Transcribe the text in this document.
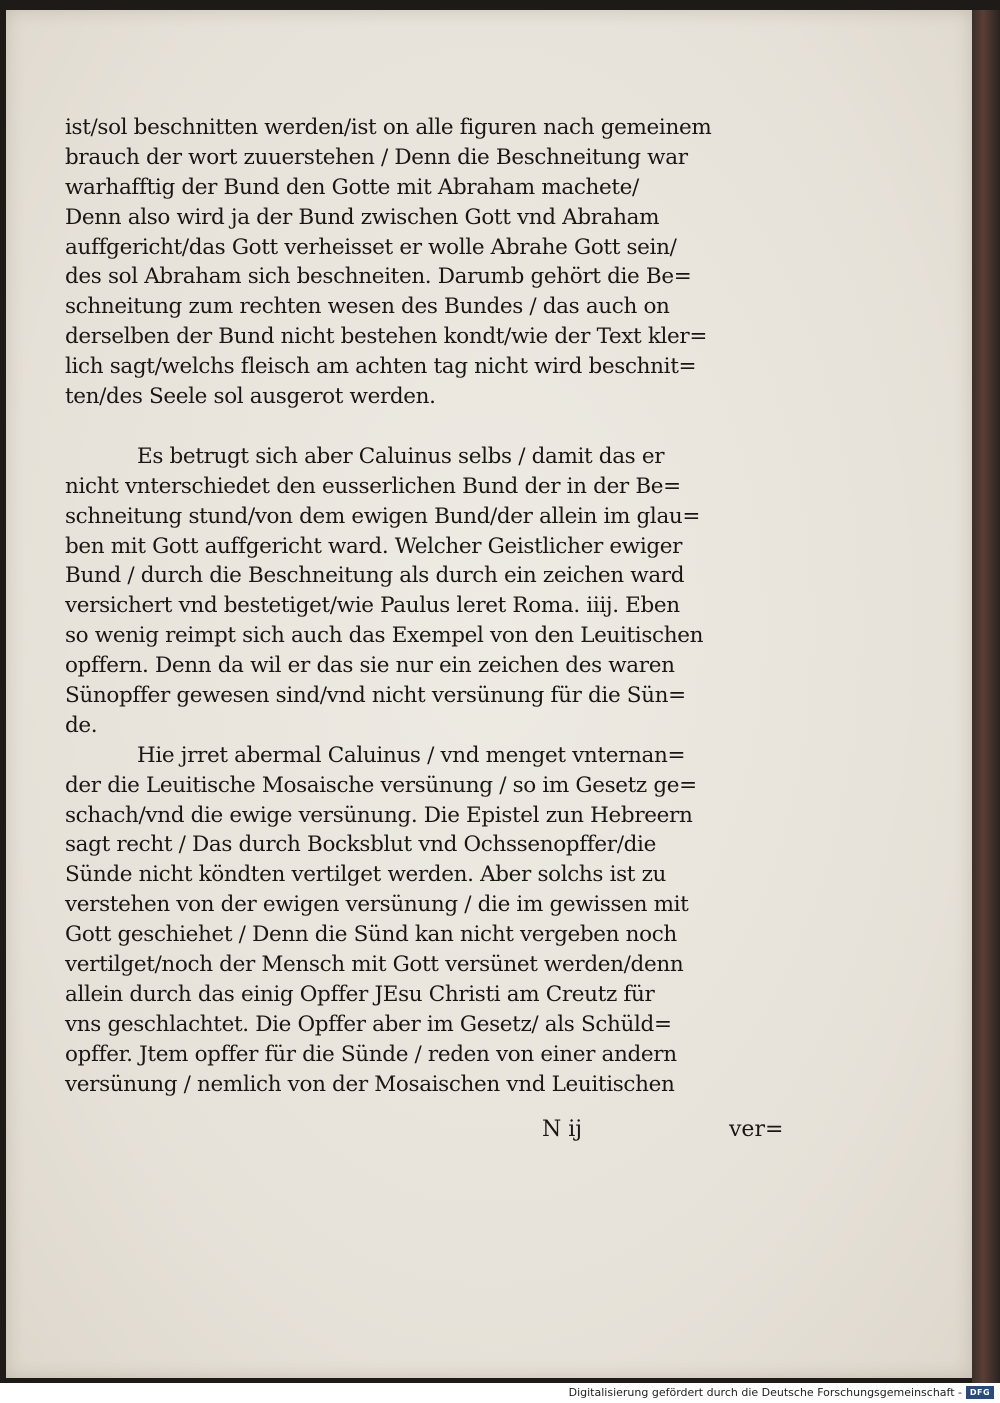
ist/sol beschnitten werden/ist on alle figuren nach gemeinem
brauch der wort zuuerstehen / Denn die Beschneitung war
warhafftig der Bund den Gotte mit Abraham machete/
Denn also wird ja der Bund zwischen Gott vnd Abraham
auffgericht/das Gott verheisset er wolle Abrahe Gott sein/
des sol Abraham sich beschneiten. Darumb gehört die Be=
schneitung zum rechten wesen des Bundes / das auch on
derselben der Bund nicht bestehen kondt/wie der Text kler=
lich sagt/welchs fleisch am achten tag nicht wird beschnit=
ten/des Seele sol ausgerot werden.
Es betrugt sich aber Caluinus selbs / damit das er
nicht vnterschiedet den eusserlichen Bund der in der Be=
schneitung stund/von dem ewigen Bund/der allein im glau=
ben mit Gott auffgericht ward. Welcher Geistlicher ewiger
Bund / durch die Beschneitung als durch ein zeichen ward
versichert vnd bestetiget/wie Paulus leret Roma. iiij. Eben
so wenig reimpt sich auch das Exempel von den Leuitischen
opffern. Denn da wil er das sie nur ein zeichen des waren
Sünopffer gewesen sind/vnd nicht versünung für die Sün=
de.
Hie jrret abermal Caluinus / vnd menget vnternan=
der die Leuitische Mosaische versünung / so im Gesetz ge=
schach/vnd die ewige versünung. Die Epistel zun Hebreern
sagt recht / Das durch Bocksblut vnd Ochssenopffer/die
Sünde nicht köndten vertilget werden. Aber solchs ist zu
verstehen von der ewigen versünung / die im gewissen mit
Gott geschiehet / Denn die Sünd kan nicht vergeben noch
vertilget/noch der Mensch mit Gott versünet werden/denn
allein durch das einig Opffer JEsu Christi am Creutz für
vns geschlachtet. Die Opffer aber im Gesetz/ als Schüld=
opffer. Jtem opffer für die Sünde / reden von einer andern
versünung / nemlich von der Mosaischen vnd Leuitischen
N ij	ver=
Digitalisierung gefördert durch die Deutsche Forschungsgemeinschaft - DFG
